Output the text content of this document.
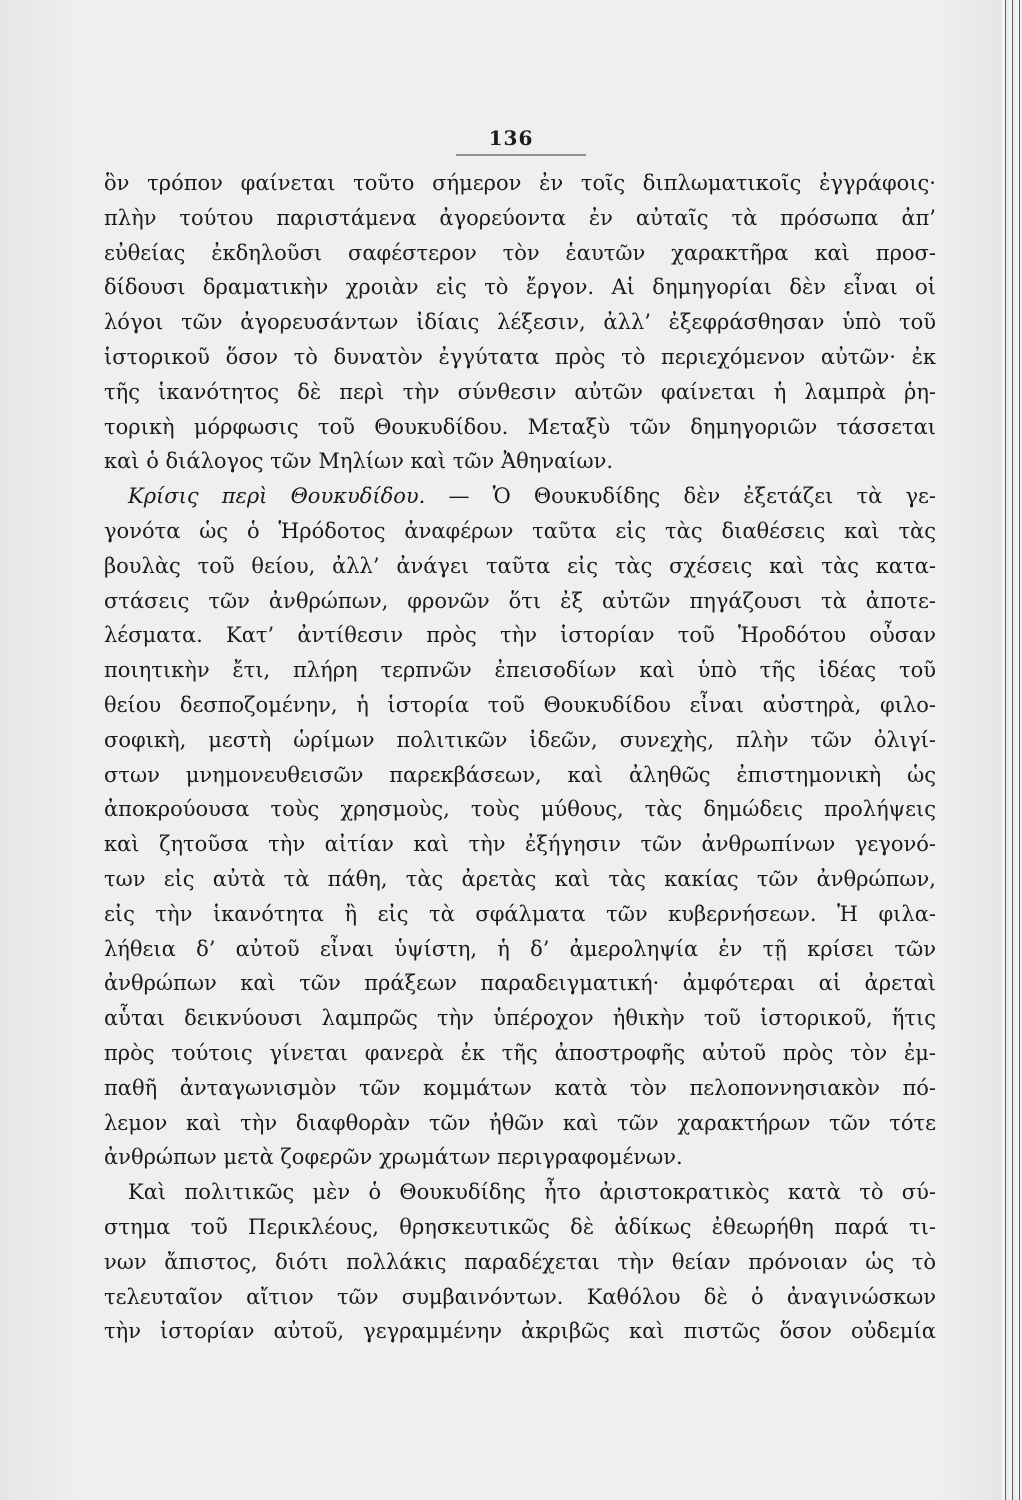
136
ὃν τρόπον φαίνεται τοῦτο σήμερον ἐν τοῖς διπλωματικοῖς ἐγγράφοις·
πλὴν τούτου παριστάμενα ἀγορεύοντα ἐν αὐταῖς τὰ πρόσωπα ἀπ’
εὐθείας ἐκδηλοῦσι σαφέστερον τὸν ἑαυτῶν χαρακτῆρα καὶ προσ-
δίδουσι δραματικὴν χροιὰν εἰς τὸ ἔργον. Αἱ δημηγορίαι δὲν εἶναι οἱ
λόγοι τῶν ἀγορευσάντων ἰδίαις λέξεσιν, ἀλλ’ ἐξεφράσθησαν ὑπὸ τοῦ
ἱστορικοῦ ὅσον τὸ δυνατὸν ἐγγύτατα πρὸς τὸ περιεχόμενον αὐτῶν· ἐκ
τῆς ἱκανότητος δὲ περὶ τὴν σύνθεσιν αὐτῶν φαίνεται ἡ λαμπρὰ ῥη-
τορικὴ μόρφωσις τοῦ Θουκυδίδου. Μεταξὺ τῶν δημηγοριῶν τάσσεται
καὶ ὁ διάλογος τῶν Μηλίων καὶ τῶν Ἀθηναίων.
Κρίσις περὶ Θουκυδίδου. — Ὁ Θουκυδίδης δὲν ἐξετάζει τὰ γε-
γονότα ὡς ὁ Ἡρόδοτος ἀναφέρων ταῦτα εἰς τὰς διαθέσεις καὶ τὰς
βουλὰς τοῦ θείου, ἀλλ’ ἀνάγει ταῦτα εἰς τὰς σχέσεις καὶ τὰς κατα-
στάσεις τῶν ἀνθρώπων, φρονῶν ὅτι ἐξ αὐτῶν πηγάζουσι τὰ ἀποτε-
λέσματα. Κατ’ ἀντίθεσιν πρὸς τὴν ἱστορίαν τοῦ Ἡροδότου οὖσαν
ποιητικὴν ἔτι, πλήρη τερπνῶν ἐπεισοδίων καὶ ὑπὸ τῆς ἰδέας τοῦ
θείου δεσποζομένην, ἡ ἱστορία τοῦ Θουκυδίδου εἶναι αὐστηρὰ, φιλο-
σοφικὴ, μεστὴ ὡρίμων πολιτικῶν ἰδεῶν, συνεχὴς, πλὴν τῶν ὀλιγί-
στων μνημονευθεισῶν παρεκβάσεων, καὶ ἀληθῶς ἐπιστημονικὴ ὡς
ἀποκρούουσα τοὺς χρησμοὺς, τοὺς μύθους, τὰς δημώδεις προλήψεις
καὶ ζητοῦσα τὴν αἰτίαν καὶ τὴν ἐξήγησιν τῶν ἀνθρωπίνων γεγονό-
των εἰς αὐτὰ τὰ πάθη, τὰς ἀρετὰς καὶ τὰς κακίας τῶν ἀνθρώπων,
εἰς τὴν ἱκανότητα ἢ εἰς τὰ σφάλματα τῶν κυβερνήσεων. Ἡ φιλα-
λήθεια δ’ αὐτοῦ εἶναι ὑψίστη, ἡ δ’ ἀμεροληψία ἐν τῇ κρίσει τῶν
ἀνθρώπων καὶ τῶν πράξεων παραδειγματική· ἀμφότεραι αἱ ἀρεταὶ
αὗται δεικνύουσι λαμπρῶς τὴν ὑπέροχον ἠθικὴν τοῦ ἱστορικοῦ, ἥτις
πρὸς τούτοις γίνεται φανερὰ ἐκ τῆς ἀποστροφῆς αὐτοῦ πρὸς τὸν ἐμ-
παθῆ ἀνταγωνισμὸν τῶν κομμάτων κατὰ τὸν πελοποννησιακὸν πό-
λεμον καὶ τὴν διαφθορὰν τῶν ἠθῶν καὶ τῶν χαρακτήρων τῶν τότε
ἀνθρώπων μετὰ ζοφερῶν χρωμάτων περιγραφομένων.
Καὶ πολιτικῶς μὲν ὁ Θουκυδίδης ἦτο ἀριστοκρατικὸς κατὰ τὸ σύ-
στημα τοῦ Περικλέους, θρησκευτικῶς δὲ ἀδίκως ἐθεωρήθη παρά τι-
νων ἄπιστος, διότι πολλάκις παραδέχεται τὴν θείαν πρόνοιαν ὡς τὸ
τελευταῖον αἴτιον τῶν συμβαινόντων. Καθόλου δὲ ὁ ἀναγινώσκων
τὴν ἱστορίαν αὐτοῦ, γεγραμμένην ἀκριβῶς καὶ πιστῶς ὅσον οὐδεμία
